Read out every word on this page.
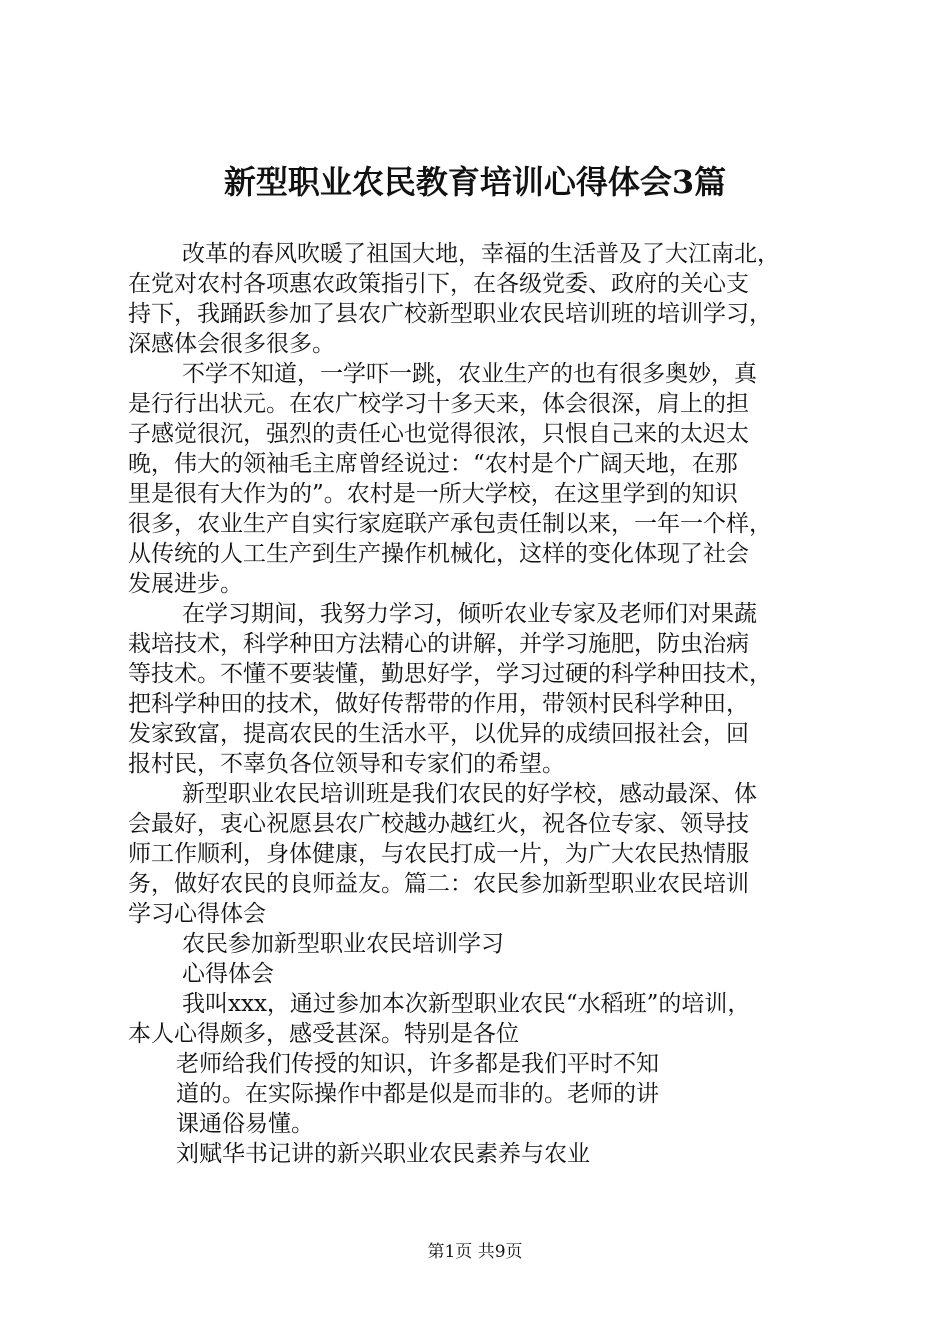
新型职业农民教育培训心得体会3篇
改革的春风吹暖了祖国大地，幸福的生活普及了大江南北，
在党对农村各项惠农政策指引下，在各级党委、政府的关心支
持下，我踊跃参加了县农广校新型职业农民培训班的培训学习，
深感体会很多很多。
不学不知道，一学吓一跳，农业生产的也有很多奥妙，真
是行行出状元。在农广校学习十多天来，体会很深，肩上的担
子感觉很沉，强烈的责任心也觉得很浓，只恨自己来的太迟太
晚，伟大的领袖毛主席曾经说过：“农村是个广阔天地，在那
里是很有大作为的”。农村是一所大学校，在这里学到的知识
很多，农业生产自实行家庭联产承包责任制以来，一年一个样，
从传统的人工生产到生产操作机械化，这样的变化体现了社会
发展进步。
在学习期间，我努力学习，倾听农业专家及老师们对果蔬
栽培技术，科学种田方法精心的讲解，并学习施肥，防虫治病
等技术。不懂不要装懂，勤思好学，学习过硬的科学种田技术，
把科学种田的技术，做好传帮带的作用，带领村民科学种田，
发家致富，提高农民的生活水平，以优异的成绩回报社会，回
报村民，不辜负各位领导和专家们的希望。
新型职业农民培训班是我们农民的好学校，感动最深、体
会最好，衷心祝愿县农广校越办越红火，祝各位专家、领导技
师工作顺利，身体健康，与农民打成一片，为广大农民热情服
务，做好农民的良师益友。篇二：农民参加新型职业农民培训
学习心得体会
农民参加新型职业农民培训学习
心得体会
我叫xxx，通过参加本次新型职业农民“水稻班”的培训，
本人心得颇多，感受甚深。特别是各位
老师给我们传授的知识，许多都是我们平时不知
道的。在实际操作中都是似是而非的。老师的讲
课通俗易懂。
刘赋华书记讲的新兴职业农民素养与农业
第1页 共9页
